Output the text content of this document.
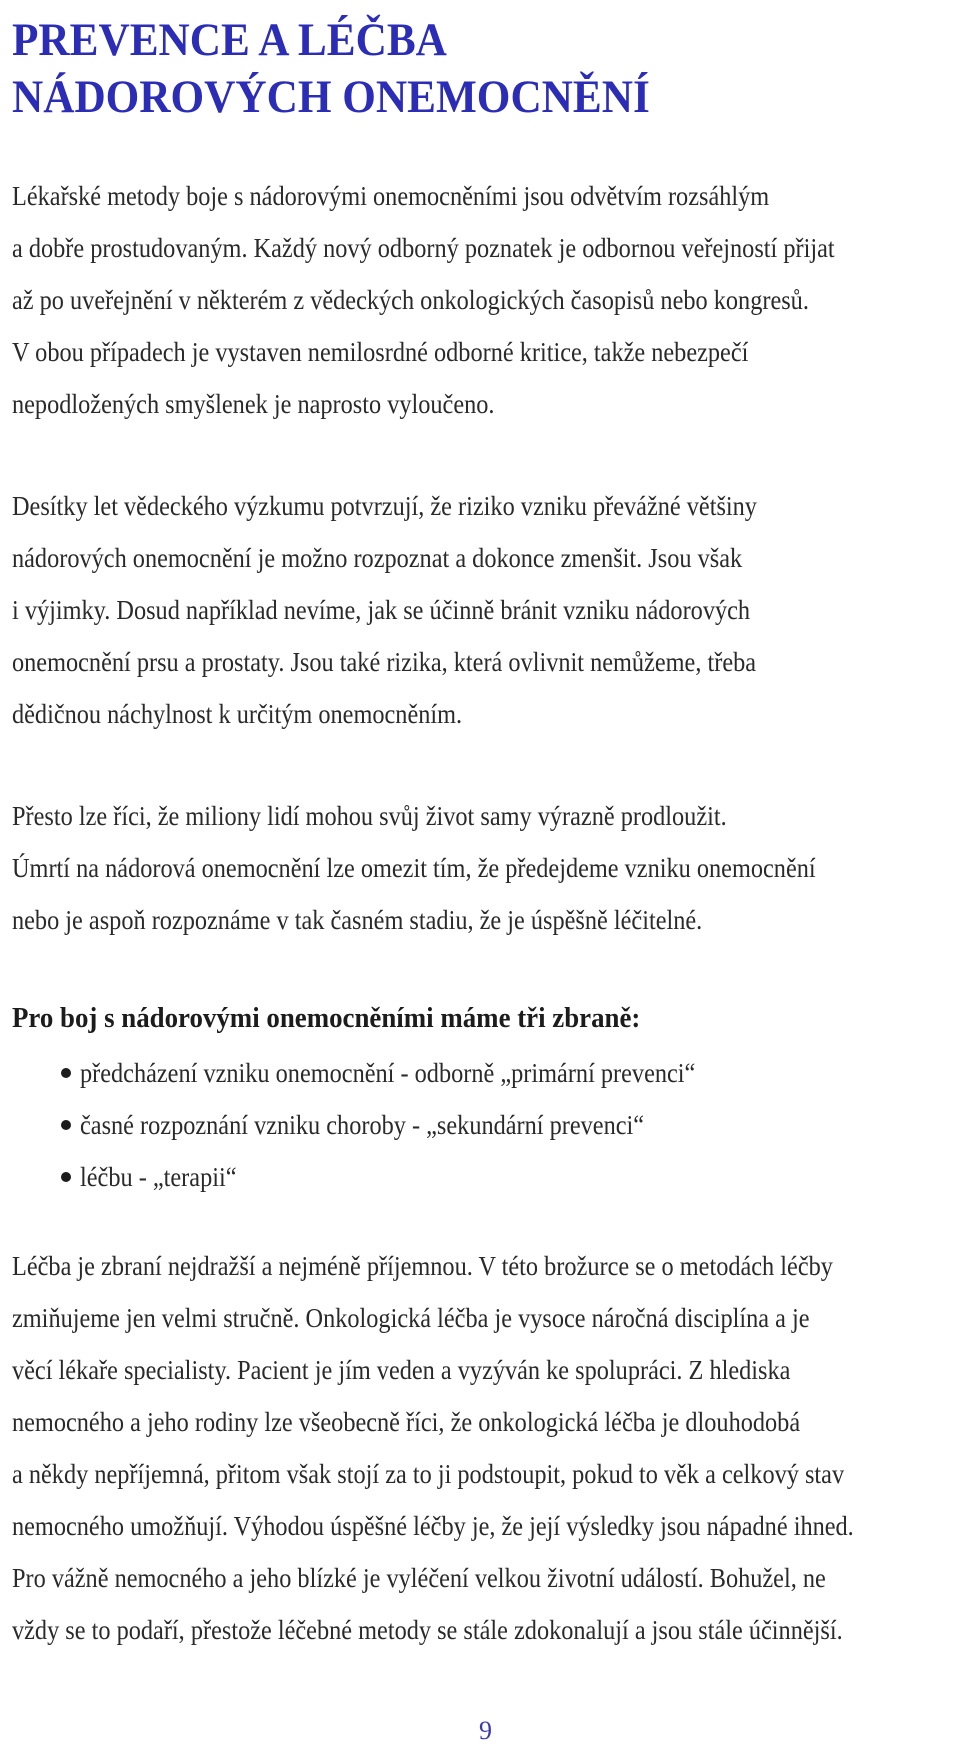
PREVENCE A LÉČBA
NÁDOROVÝCH ONEMOCNĚNÍ

Lékařské metody boje s nádorovými onemocněními jsou odvětvím rozsáhlým
a dobře prostudovaným. Každý nový odborný poznatek je odbornou veřejností přijat
až po uveřejnění v některém z vědeckých onkologických časopisů nebo kongresů.
V obou případech je vystaven nemilosrdné odborné kritice, takže nebezpečí
nepodložených smyšlenek je naprosto vyloučeno.

Desítky let vědeckého výzkumu potvrzují, že riziko vzniku převážné většiny
nádorových onemocnění je možno rozpoznat a dokonce zmenšit. Jsou však
i výjimky. Dosud například nevíme, jak se účinně bránit vzniku nádorových
onemocnění prsu a prostaty. Jsou také rizika, která ovlivnit nemůžeme, třeba
dědičnou náchylnost k určitým onemocněním.

Přesto lze říci, že miliony lidí mohou svůj život samy výrazně prodloužit.
Úmrtí na nádorová onemocnění lze omezit tím, že předejdeme vzniku onemocnění
nebo je aspoň rozpoznáme v tak časném stadiu, že je úspěšně léčitelné.

Pro boj s nádorovými onemocněními máme tři zbraně:
předcházení vzniku onemocnění - odborně „primární prevenci“
časné rozpoznání vzniku choroby - „sekundární prevenci“
léčbu - „terapii“

Léčba je zbraní nejdražší a nejméně příjemnou. V této brožurce se o metodách léčby
zmiňujeme jen velmi stručně. Onkologická léčba je vysoce náročná disciplína a je
věcí lékaře specialisty. Pacient je jím veden a vyzýván ke spolupráci. Z hlediska
nemocného a jeho rodiny lze všeobecně říci, že onkologická léčba je dlouhodobá
a někdy nepříjemná, přitom však stojí za to ji podstoupit, pokud to věk a celkový stav
nemocného umožňují. Výhodou úspěšné léčby je, že její výsledky jsou nápadné ihned.
Pro vážně nemocného a jeho blízké je vyléčení velkou životní událostí. Bohužel, ne
vždy se to podaří, přestože léčebné metody se stále zdokonalují a jsou stále účinnější.

9
